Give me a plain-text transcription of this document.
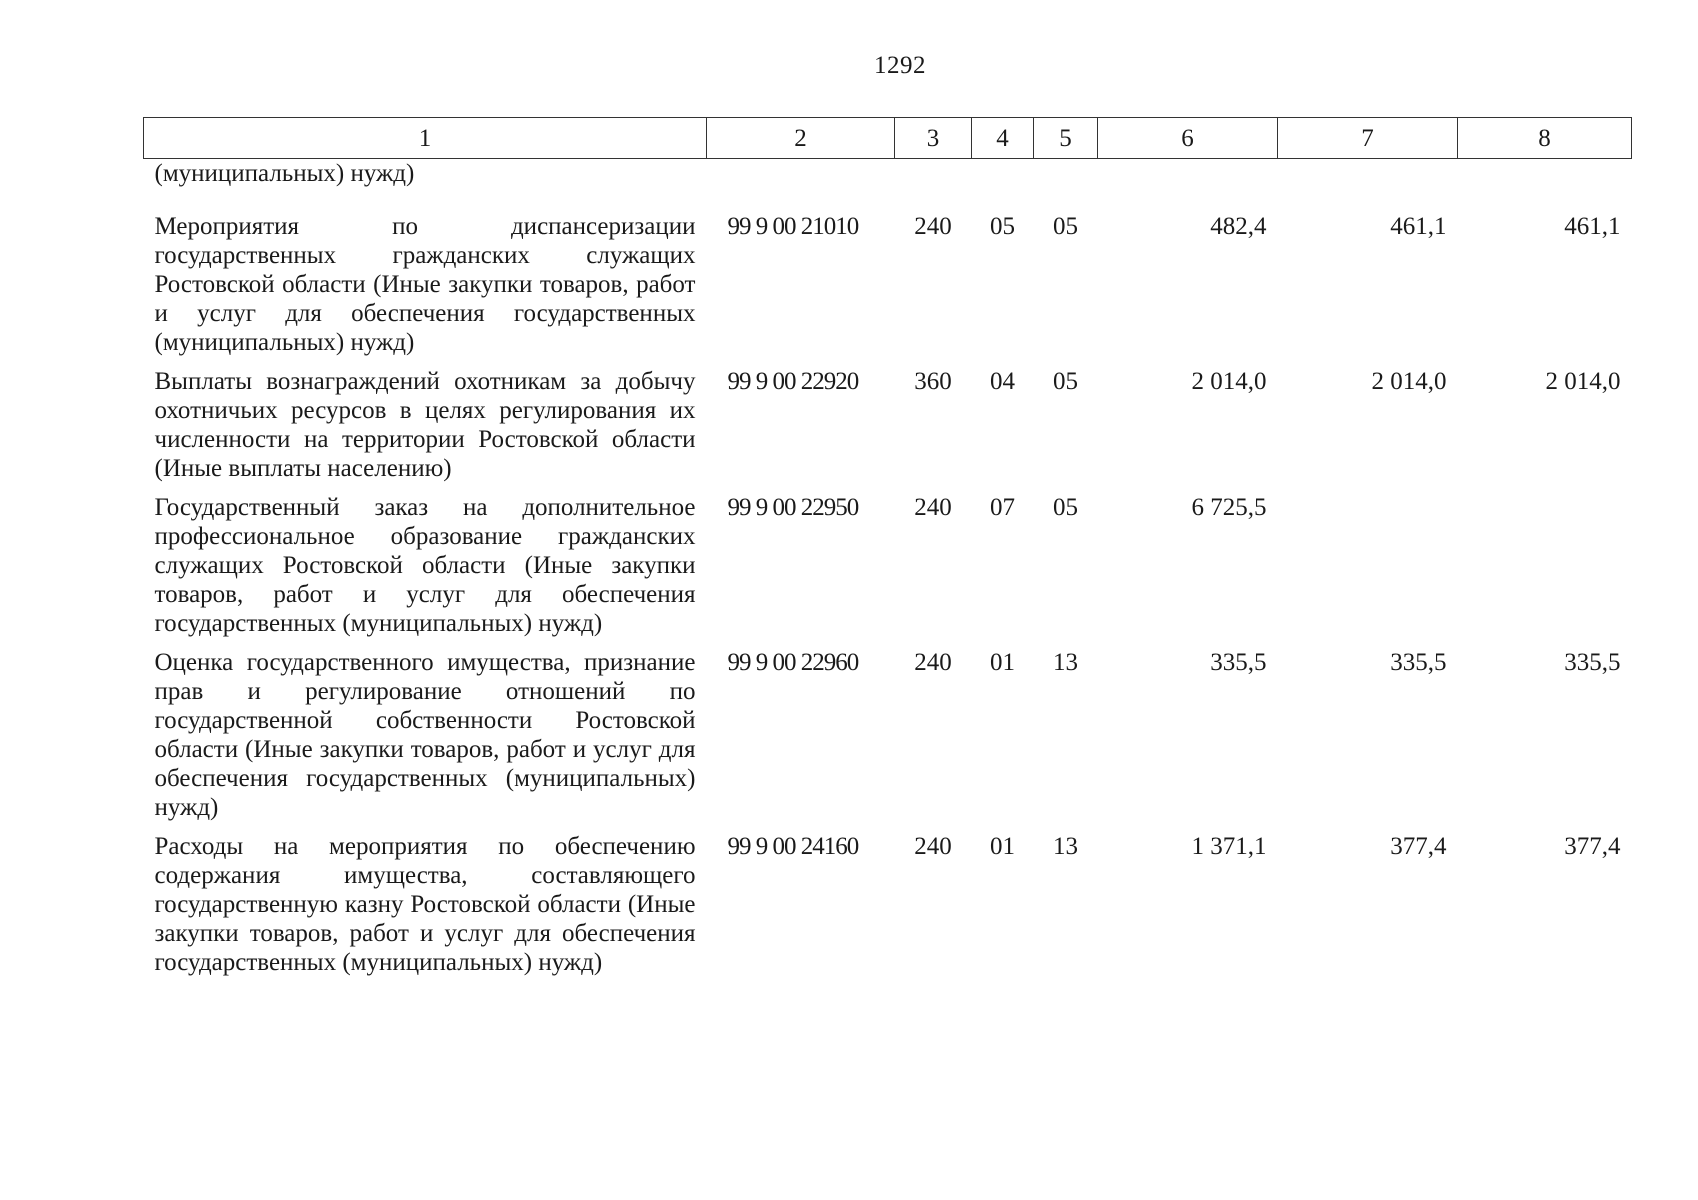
1292
1	2	3	4	5	6	7	8
(муниципальных) нужд)							
Мероприятия по диспансеризации государственных гражданских служащих Ростовской области (Иные закупки товаров, работ и услуг для обеспечения государственных (муниципальных) нужд)	99 9 00 21010	240	05	05	482,4	461,1	461,1
Выплаты вознаграждений охотникам за добычу охотничьих ресурсов в целях регулирования их численности на территории Ростовской области (Иные выплаты населению)	99 9 00 22920	360	04	05	2 014,0	2 014,0	2 014,0
Государственный заказ на дополнительное профессиональное образование гражданских служащих Ростовской области (Иные закупки товаров, работ и услуг для обеспечения государственных (муниципальных) нужд)	99 9 00 22950	240	07	05	6 725,5		
Оценка государственного имущества, признание прав и регулирование отношений по государственной собственности Ростовской области (Иные закупки товаров, работ и услуг для обеспечения государственных (муниципальных) нужд)	99 9 00 22960	240	01	13	335,5	335,5	335,5
Расходы на мероприятия по обеспечению содержания имущества, составляющего государственную казну Ростовской области (Иные закупки товаров, работ и услуг для обеспечения государственных (муниципальных) нужд)	99 9 00 24160	240	01	13	1 371,1	377,4	377,4
